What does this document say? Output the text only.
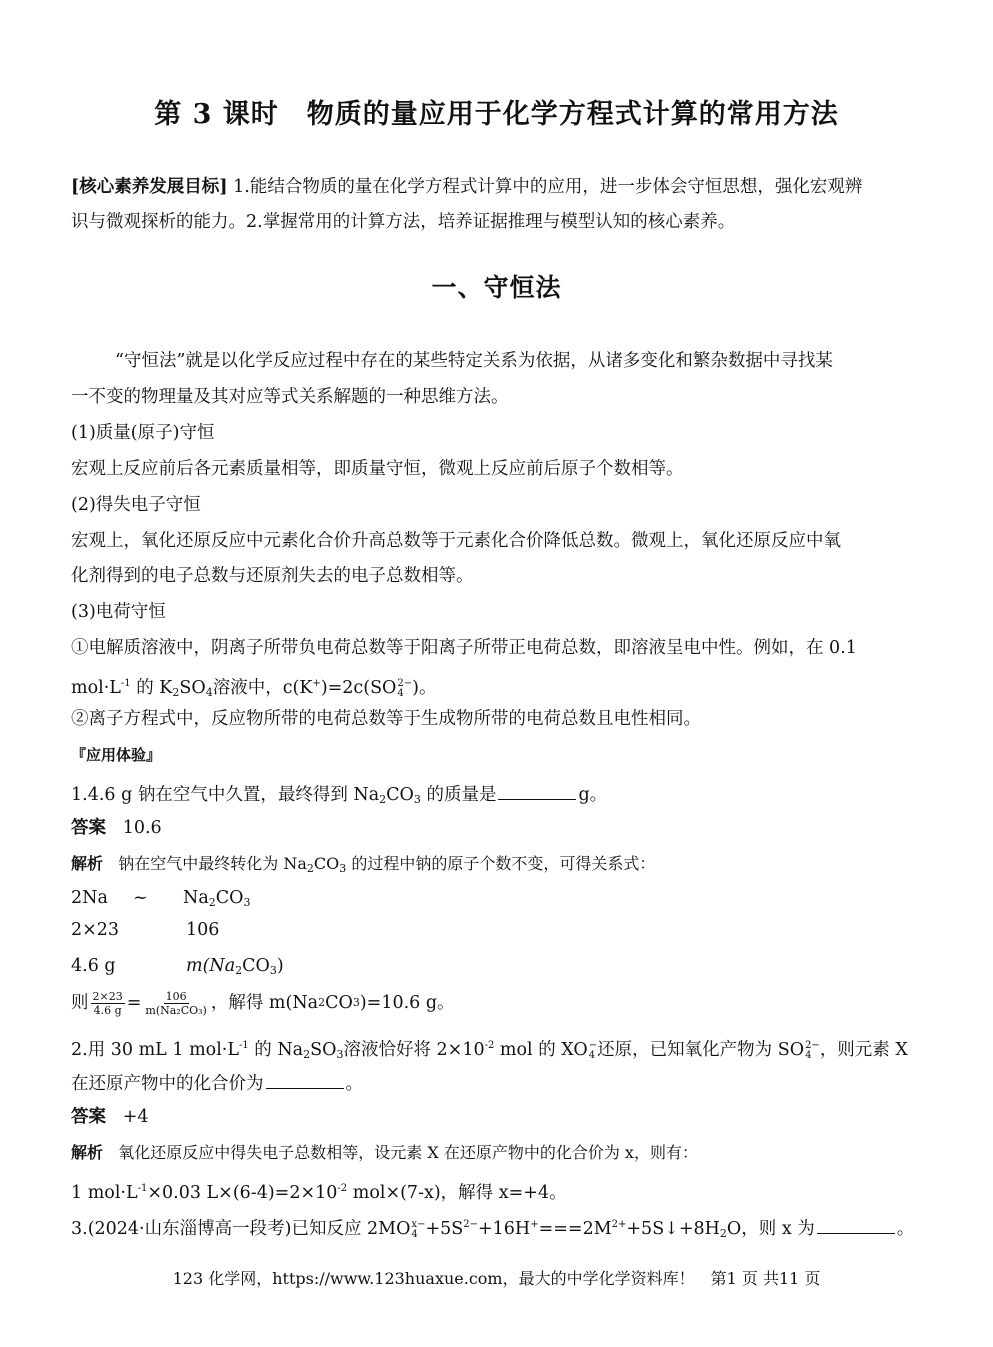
第 3 课时　物质的量应用于化学方程式计算的常用方法
[核心素养发展目标] 1.能结合物质的量在化学方程式计算中的应用，进一步体会守恒思想，强化宏观辨
识与微观探析的能力。2.掌握常用的计算方法，培养证据推理与模型认知的核心素养。
一、守恒法
“守恒法”就是以化学反应过程中存在的某些特定关系为依据，从诸多变化和繁杂数据中寻找某
一不变的物理量及其对应等式关系解题的一种思维方法。
(1)质量(原子)守恒
宏观上反应前后各元素质量相等，即质量守恒，微观上反应前后原子个数相等。
(2)得失电子守恒
宏观上，氧化还原反应中元素化合价升高总数等于元素化合价降低总数。微观上，氧化还原反应中氧
化剂得到的电子总数与还原剂失去的电子总数相等。
(3)电荷守恒
①电解质溶液中，阴离子所带负电荷总数等于阳离子所带正电荷总数，即溶液呈电中性。例如，在 0.1
$mol\cdot L^{-1}$ 的 $K_2SO_4$溶液中，c(K+)=2c(SO 2−
4 )。
②离子方程式中，反应物所带的电荷总数等于生成物所带的电荷总数且电性相同。
『应用体验』
1.4.6 g 钠在空气中久置，最终得到 $Na_2CO_3$ 的质量是	g。
答案 10.6
解析 钠在空气中最终转化为 $Na_2CO_3$ 的过程中钠的原子个数不变，可得关系式：
2Na ~ $Na_2CO_3$
2×23	106
4.6 g	$m(Na_2CO_3)$
则 $\frac{2\times 23}{4.6 g} = \frac{106}{\text{m(Na₂CO₃)}}$ ，解得 m(Na 2 CO 3 )=10.6 g。
2.用 30 mL 1 $mol\cdot L^{-1}$ 的 $Na_2SO_3$溶液恰好将 $2\times 10^{-2}$ mol 的 XO −
4 还原，已知氧化产物为 SO 2−
4 ，则元素 X
在还原产物中的化合价为	。
答案 +4
解析 氧化还原反应中得失电子总数相等，设元素 X 在还原产物中的化合价为 x，则有：
1 $mol\cdot L^{-1}\times 0.03$ $L\times(6-4)=2\times 10^{-2}$ mol×(7-x)，解得 x=+4。
3.(2024·山东淄博高一段考)已知反应 2MO x−
$4 +5S^{2-}+16H^+===2M^{2+}+5S↓+8H_2O$，则 x 为	。
123 化学网，https://www.123huaxue.com，最大的中学化学资料库！　第1 页 共11 页
